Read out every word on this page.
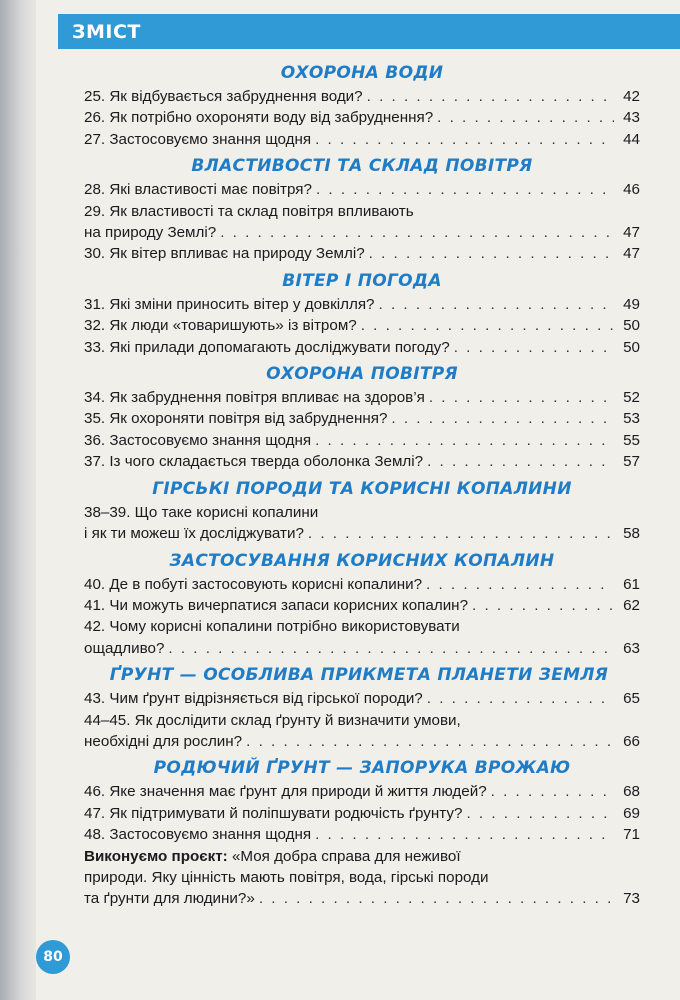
ЗМІСТ
ОХОРОНА ВОДИ
25. Як відбувається забруднення води? . . .	42
26. Як потрібно охороняти воду від забруднення? . . .	43
27. Застосовуємо знання щодня . . .	44
ВЛАСТИВОСТІ ТА СКЛАД ПОВІТРЯ
28. Які властивості має повітря? . . .	46
29. Як властивості та склад повітря впливають
на природу Землі? . . .	47
30. Як вітер впливає на природу Землі? . . .	47
ВІТЕР І ПОГОДА
31. Які зміни приносить вітер у довкілля? . . .	49
32. Як люди «товаришують» із вітром? . . .	50
33. Які прилади допомагають досліджувати погоду? . . .	50
ОХОРОНА ПОВІТРЯ
34. Як забруднення повітря впливає на здоров’я . . .	52
35. Як охороняти повітря від забруднення? . . .	53
36. Застосовуємо знання щодня . . .	55
37. Із чого складається тверда оболонка Землі? . . .	57
ГІРСЬКІ ПОРОДИ ТА КОРИСНІ КОПАЛИНИ
38–39. Що таке корисні копалини
і як ти можеш їх досліджувати? . . .	58
ЗАСТОСУВАННЯ КОРИСНИХ КОПАЛИН
40. Де в побуті застосовують корисні копалини? . . .	61
41. Чи можуть вичерпатися запаси корисних копалин? . . .	62
42. Чому корисні копалини потрібно використовувати
ощадливо? . . .	63
ҐРУНТ — ОСОБЛИВА ПРИКМЕТА ПЛАНЕТИ ЗЕМЛЯ
43. Чим ґрунт відрізняється від гірської породи? . . .	65
44–45. Як дослідити склад ґрунту й визначити умови,
необхідні для рослин? . . .	66
РОДЮЧИЙ ҐРУНТ — ЗАПОРУКА ВРОЖАЮ
46. Яке значення має ґрунт для природи й життя людей? . . .	68
47. Як підтримувати й поліпшувати родючість ґрунту? . . .	69
48. Застосовуємо знання щодня . . .	71
Виконуємо проєкт: «Моя добра справа для неживої
природи. Яку цінність мають повітря, вода, гірські породи
та ґрунти для людини?» . . .	73
80
